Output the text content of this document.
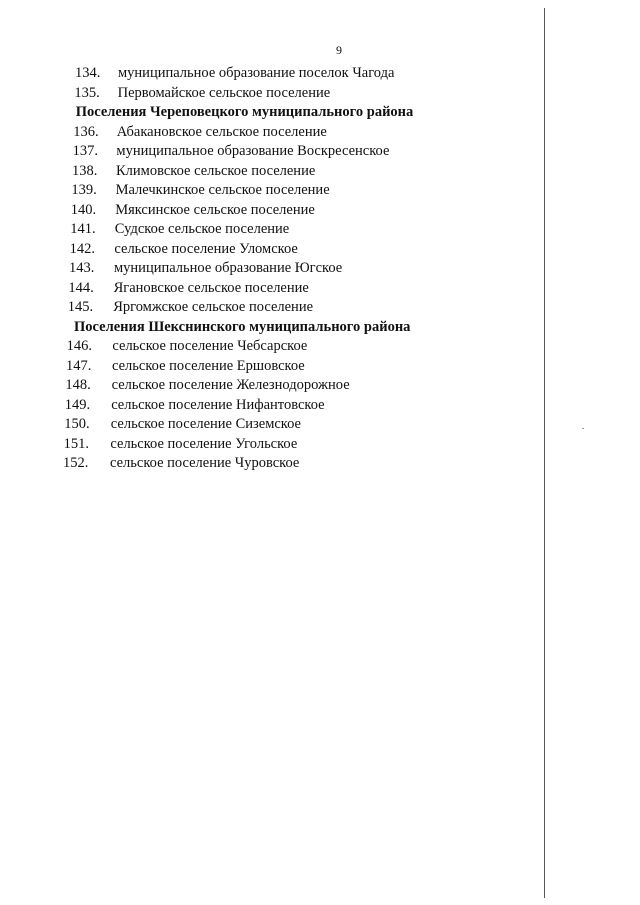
9
134. муниципальное образование поселок Чагода
135. Первомайское сельское поселение
Поселения Череповецкого муниципального района
136. Абакановское сельское поселение
137. муниципальное образование Воскресенское
138. Климовское сельское поселение
139. Малечкинское сельское поселение
140. Мяксинское сельское поселение
141. Судское сельское поселение
142. сельское поселение Уломское
143. муниципальное образование Югское
144. Ягановское сельское поселение
145. Яргомжское сельское поселение
Поселения Шекснинского муниципального района
146. сельское поселение Чебсарское
147. сельское поселение Ершовское
148. сельское поселение Железнодорожное
149. сельское поселение Нифантовское
150. сельское поселение Сиземское
151. сельское поселение Угольское
152. сельское поселение Чуровское
